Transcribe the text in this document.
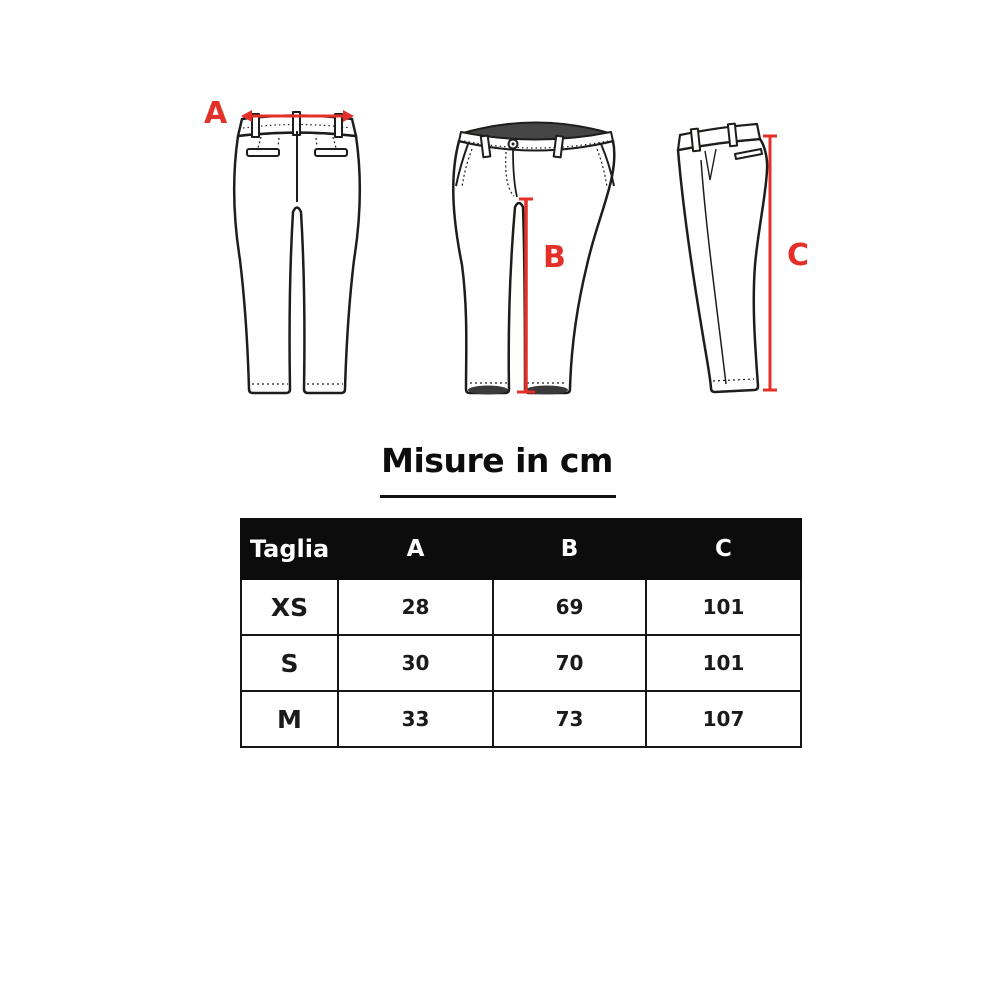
A
B	C
Misure in cm
Taglia	A	B	C
XS	28	69	101
S	30	70	101
M	33	73	107
